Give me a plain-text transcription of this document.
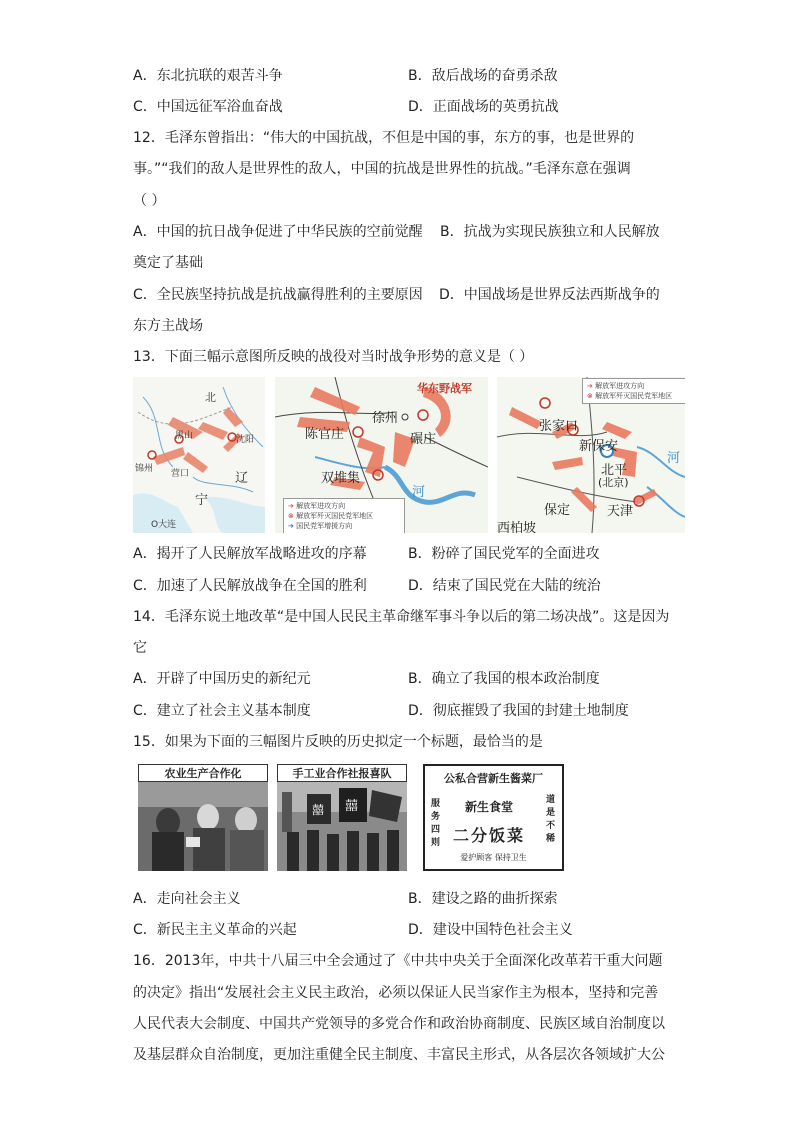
A．东北抗联的艰苦斗争	B．敌后战场的奋勇杀敌
C．中国远征军浴血奋战	D．正面战场的英勇抗战
12．毛泽东曾指出：“伟大的中国抗战，不但是中国的事，东方的事，也是世界的
事。”“我们的敌人是世界性的敌人，中国的抗战是世界性的抗战。”毛泽东意在强调
（ ）
A．中国的抗日战争促进了中华民族的空前觉醒 B．抗战为实现民族独立和人民解放
奠定了基础
C．全民族坚持抗战是抗战赢得胜利的主要原因 D．中国战场是世界反法西斯战争的
东方主战场
13．下面三幅示意图所反映的战役对当时战争形势的意义是（ ）
北
黑山	沈阳
锦州 营口	辽
宁
O大连
华东野战军
徐州
陈官庄	碾庄
双堆集
河
➔ 解放军进攻方向
⊗ 解放军歼灭国民党军地区
➔ 国民党军增援方向
张家口
新保安
北平
(北京)
河
天津
保定
西柏坡
➔ 解放军进攻方向
⊗ 解放军歼灭国民党军地区
A．揭开了人民解放军战略进攻的序幕	B．粉碎了国民党军的全面进攻
C．加速了人民解放战争在全国的胜利	D．结束了国民党在大陆的统治
14．毛泽东说土地改革“是中国人民民主革命继军事斗争以后的第二场决战”。这是因为
它
A．开辟了中国历史的新纪元	B．确立了我国的根本政治制度
C．建立了社会主义基本制度	D．彻底摧毁了我国的封建土地制度
15．如果为下面的三幅图片反映的历史拟定一个标题，最恰当的是
农业生产合作化	手工业合作社报喜队
囍 囍
公私合营新生酱菜厂
新生食堂
二分饭菜
服务四则
道是不稀
爱护顾客 保持卫生
A．走向社会主义	B．建设之路的曲折探索
C．新民主主义革命的兴起	D．建设中国特色社会主义
16．2013年，中共十八届三中全会通过了《中共中央关于全面深化改革若干重大问题
的决定》指出“发展社会主义民主政治，必须以保证人民当家作主为根本，坚持和完善
人民代表大会制度、中国共产党领导的多党合作和政治协商制度、民族区域自治制度以
及基层群众自治制度，更加注重健全民主制度、丰富民主形式，从各层次各领域扩大公
